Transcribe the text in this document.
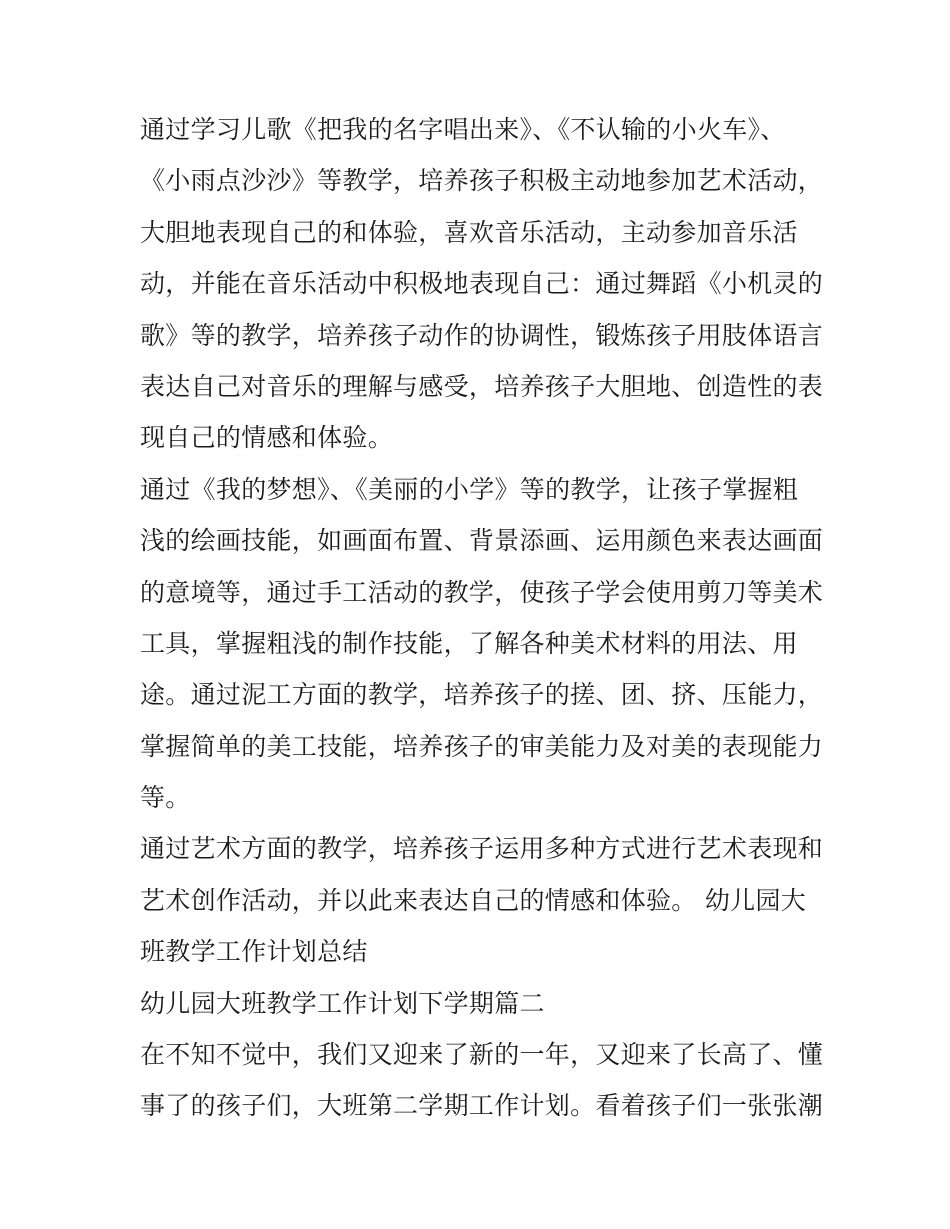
通过学习儿歌《把我的名字唱出来》、《不认输的小火车》、
《小雨点沙沙》等教学，培养孩子积极主动地参加艺术活动，
大胆地表现自己的和体验，喜欢音乐活动，主动参加音乐活
动，并能在音乐活动中积极地表现自己：通过舞蹈《小机灵的
歌》等的教学，培养孩子动作的协调性，锻炼孩子用肢体语言
表达自己对音乐的理解与感受，培养孩子大胆地、创造性的表
现自己的情感和体验。
通过《我的梦想》、《美丽的小学》等的教学，让孩子掌握粗
浅的绘画技能，如画面布置、背景添画、运用颜色来表达画面
的意境等，通过手工活动的教学，使孩子学会使用剪刀等美术
工具，掌握粗浅的制作技能，了解各种美术材料的用法、用
途。通过泥工方面的教学，培养孩子的搓、团、挤、压能力，
掌握简单的美工技能，培养孩子的审美能力及对美的表现能力
等。
通过艺术方面的教学，培养孩子运用多种方式进行艺术表现和
艺术创作活动，并以此来表达自己的情感和体验。 幼儿园大
班教学工作计划总结
幼儿园大班教学工作计划下学期篇二
在不知不觉中，我们又迎来了新的一年，又迎来了长高了、懂
事了的孩子们，大班第二学期工作计划。看着孩子们一张张潮
